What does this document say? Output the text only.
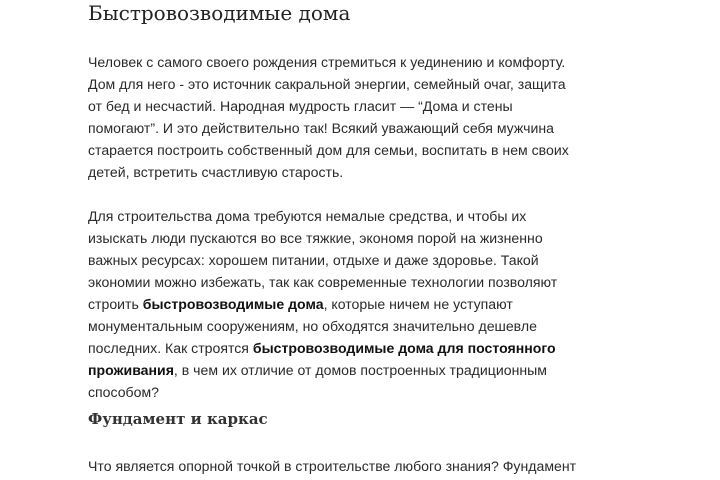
Быстровозводимые дома

Человек с самого своего рождения стремиться к уединению и комфорту.
Дом для него - это источник сакральной энергии, семейный очаг, защита
от бед и несчастий. Народная мудрость гласит — “Дома и стены
помогают”. И это действительно так! Всякий уважающий себя мужчина
старается построить собственный дом для семьи, воспитать в нем своих
детей, встретить счастливую старость.

Для строительства дома требуются немалые средства, и чтобы их
изыскать люди пускаются во все тяжкие, экономя порой на жизненно
важных ресурсах: хорошем питании, отдыхе и даже здоровье. Такой
экономии можно избежать, так как современные технологии позволяют
строить быстровозводимые дома, которые ничем не уступают
монументальным сооружениям, но обходятся значительно дешевле
последних. Как строятся быстровозводимые дома для постоянного
проживания, в чем их отличие от домов построенных традиционным
способом?

Фундамент и каркас

Что является опорной точкой в строительстве любого знания? Фундамент
